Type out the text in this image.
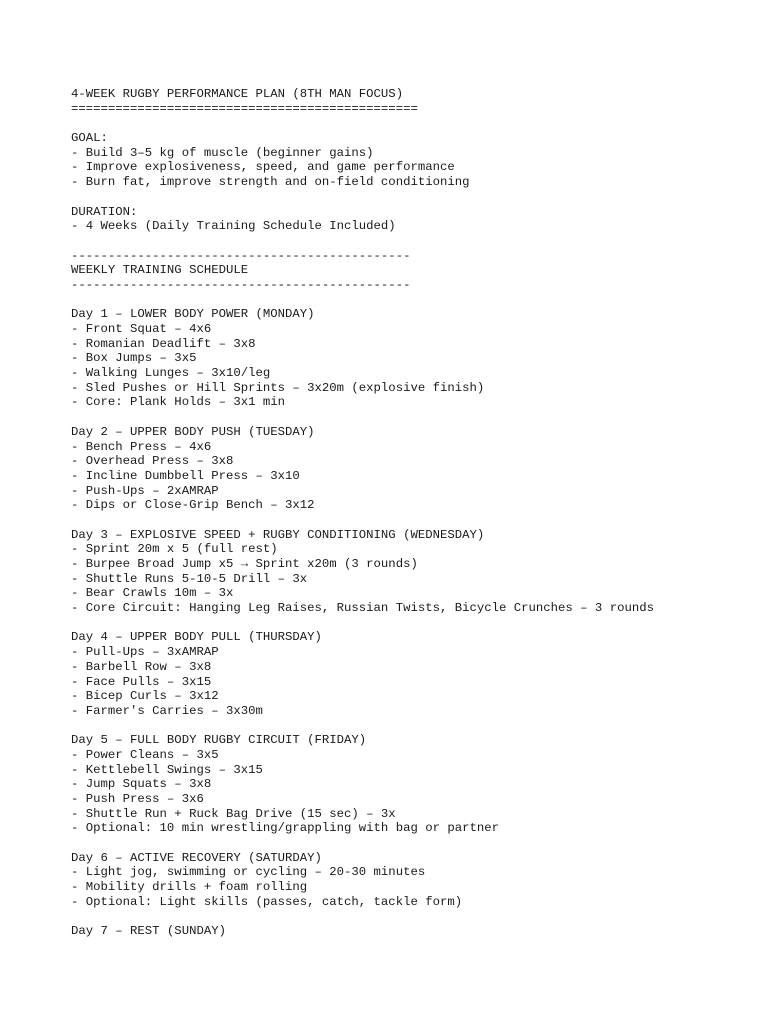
4-WEEK RUGBY PERFORMANCE PLAN (8TH MAN FOCUS)
===============================================
GOAL:
- Build 3–5 kg of muscle (beginner gains)
- Improve explosiveness, speed, and game performance
- Burn fat, improve strength and on-field conditioning
DURATION:
- 4 Weeks (Daily Training Schedule Included)
----------------------------------------------
WEEKLY TRAINING SCHEDULE
----------------------------------------------
Day 1 – LOWER BODY POWER (MONDAY)
- Front Squat – 4x6
- Romanian Deadlift – 3x8
- Box Jumps – 3x5
- Walking Lunges – 3x10/leg
- Sled Pushes or Hill Sprints – 3x20m (explosive finish)
- Core: Plank Holds – 3x1 min
Day 2 – UPPER BODY PUSH (TUESDAY)
- Bench Press – 4x6
- Overhead Press – 3x8
- Incline Dumbbell Press – 3x10
- Push-Ups – 2xAMRAP
- Dips or Close-Grip Bench – 3x12
Day 3 – EXPLOSIVE SPEED + RUGBY CONDITIONING (WEDNESDAY)
- Sprint 20m x 5 (full rest)
- Burpee Broad Jump x5 → Sprint x20m (3 rounds)
- Shuttle Runs 5-10-5 Drill – 3x
- Bear Crawls 10m – 3x
- Core Circuit: Hanging Leg Raises, Russian Twists, Bicycle Crunches – 3 rounds
Day 4 – UPPER BODY PULL (THURSDAY)
- Pull-Ups – 3xAMRAP
- Barbell Row – 3x8
- Face Pulls – 3x15
- Bicep Curls – 3x12
- Farmer's Carries – 3x30m
Day 5 – FULL BODY RUGBY CIRCUIT (FRIDAY)
- Power Cleans – 3x5
- Kettlebell Swings – 3x15
- Jump Squats – 3x8
- Push Press – 3x6
- Shuttle Run + Ruck Bag Drive (15 sec) – 3x
- Optional: 10 min wrestling/grappling with bag or partner
Day 6 – ACTIVE RECOVERY (SATURDAY)
- Light jog, swimming or cycling – 20-30 minutes
- Mobility drills + foam rolling
- Optional: Light skills (passes, catch, tackle form)
Day 7 – REST (SUNDAY)
